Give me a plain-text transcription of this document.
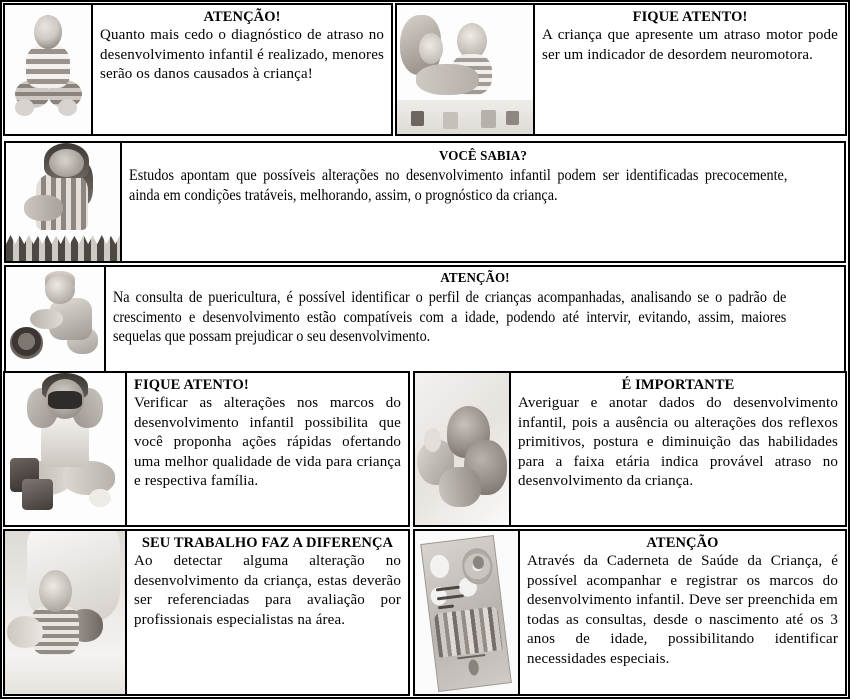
ATENÇÃO!
Quanto mais cedo o diagnóstico de atraso no desenvolvimento infantil é realizado, menores serão os danos causados à criança!
FIQUE ATENTO!
A criança que apresente um atraso motor pode ser um indicador de desordem neuromotora.
VOCÊ SABIA?
Estudos apontam que possíveis alterações no desenvolvimento infantil podem ser identificadas precocemente, ainda em condições tratáveis, melhorando, assim, o prognóstico da criança.
ATENÇÃO!
Na consulta de puericultura, é possível identificar o perfil de crianças acompanhadas, analisando se o padrão de crescimento e desenvolvimento estão compatíveis com a idade, podendo até intervir, evitando, assim, maiores sequelas que possam prejudicar o seu desenvolvimento.
FIQUE ATENTO!
Verificar as alterações nos marcos do desenvolvimento infantil possibilita que você proponha ações rápidas ofertando uma melhor qualidade de vida para criança e respectiva família.
É IMPORTANTE
Averiguar e anotar dados do desenvolvimento infantil, pois a ausência ou alterações dos reflexos primitivos, postura e diminuição das habilidades para a faixa etária indica provável atraso no desenvolvimento da criança.
SEU TRABALHO FAZ A DIFERENÇA
Ao detectar alguma alteração no desenvolvimento da criança, estas deverão ser referenciadas para avaliação por profissionais especialistas na área.
ATENÇÃO
Através da Caderneta de Saúde da Criança, é possível acompanhar e registrar os marcos do desenvolvimento infantil. Deve ser preenchida em todas as consultas, desde o nascimento até os 3 anos de idade, possibilitando identificar necessidades especiais.
